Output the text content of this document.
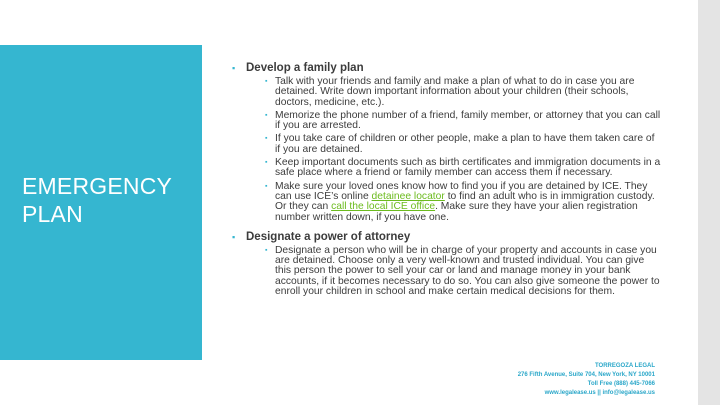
EMERGENCY
PLAN
▪ Develop a family plan
▪ Talk with your friends and family and make a plan of what to do in case you are detained. Write down important information about your children (their schools, doctors, medicine, etc.).
▪ Memorize the phone number of a friend, family member, or attorney that you can call if you are arrested.
▪ If you take care of children or other people, make a plan to have them taken care of if you are detained.
▪ Keep important documents such as birth certificates and immigration documents in a safe place where a friend or family member can access them if necessary.
▪ Make sure your loved ones know how to find you if you are detained by ICE. They can use ICE’s online detainee locator to find an adult who is in immigration custody. Or they can call the local ICE office. Make sure they have your alien registration number written down, if you have one.
▪ Designate a power of attorney
▪ Designate a person who will be in charge of your property and accounts in case you are detained. Choose only a very well-known and trusted individual. You can give this person the power to sell your car or land and manage money in your bank accounts, if it becomes necessary to do so. You can also give someone the power to enroll your children in school and make certain medical decisions for them.
TORREGOZA LEGAL
276 Fifth Avenue, Suite 704, New York, NY 10001
Toll Free (888) 445-7066
www.legalease.us || info@legalease.us
